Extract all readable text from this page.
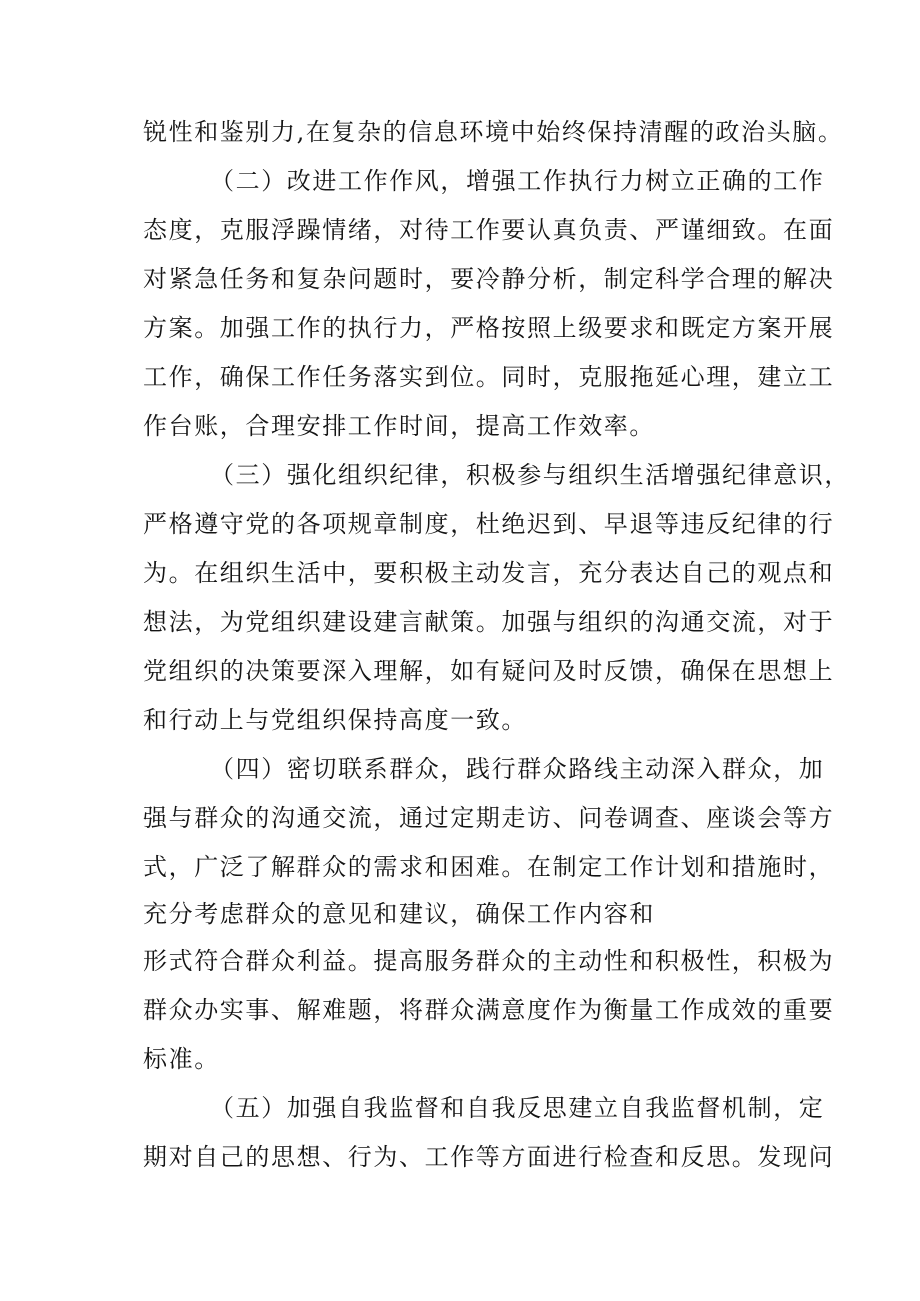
锐性和鉴别力,在复杂的信息环境中始终保持清醒的政治头脑。
（二）改进工作作风，增强工作执行力树立正确的工作
态度，克服浮躁情绪，对待工作要认真负责、严谨细致。在面
对紧急任务和复杂问题时，要冷静分析，制定科学合理的解决
方案。加强工作的执行力，严格按照上级要求和既定方案开展
工作，确保工作任务落实到位。同时，克服拖延心理，建立工
作台账，合理安排工作时间，提高工作效率。
（三）强化组织纪律，积极参与组织生活增强纪律意识，
严格遵守党的各项规章制度，杜绝迟到、早退等违反纪律的行
为。在组织生活中，要积极主动发言，充分表达自己的观点和
想法，为党组织建设建言献策。加强与组织的沟通交流，对于
党组织的决策要深入理解，如有疑问及时反馈，确保在思想上
和行动上与党组织保持高度一致。
（四）密切联系群众，践行群众路线主动深入群众，加
强与群众的沟通交流，通过定期走访、问卷调查、座谈会等方
式，广泛了解群众的需求和困难。在制定工作计划和措施时，
充分考虑群众的意见和建议，确保工作内容和
形式符合群众利益。提高服务群众的主动性和积极性，积极为
群众办实事、解难题，将群众满意度作为衡量工作成效的重要
标准。
（五）加强自我监督和自我反思建立自我监督机制，定
期对自己的思想、行为、工作等方面进行检查和反思。发现问
